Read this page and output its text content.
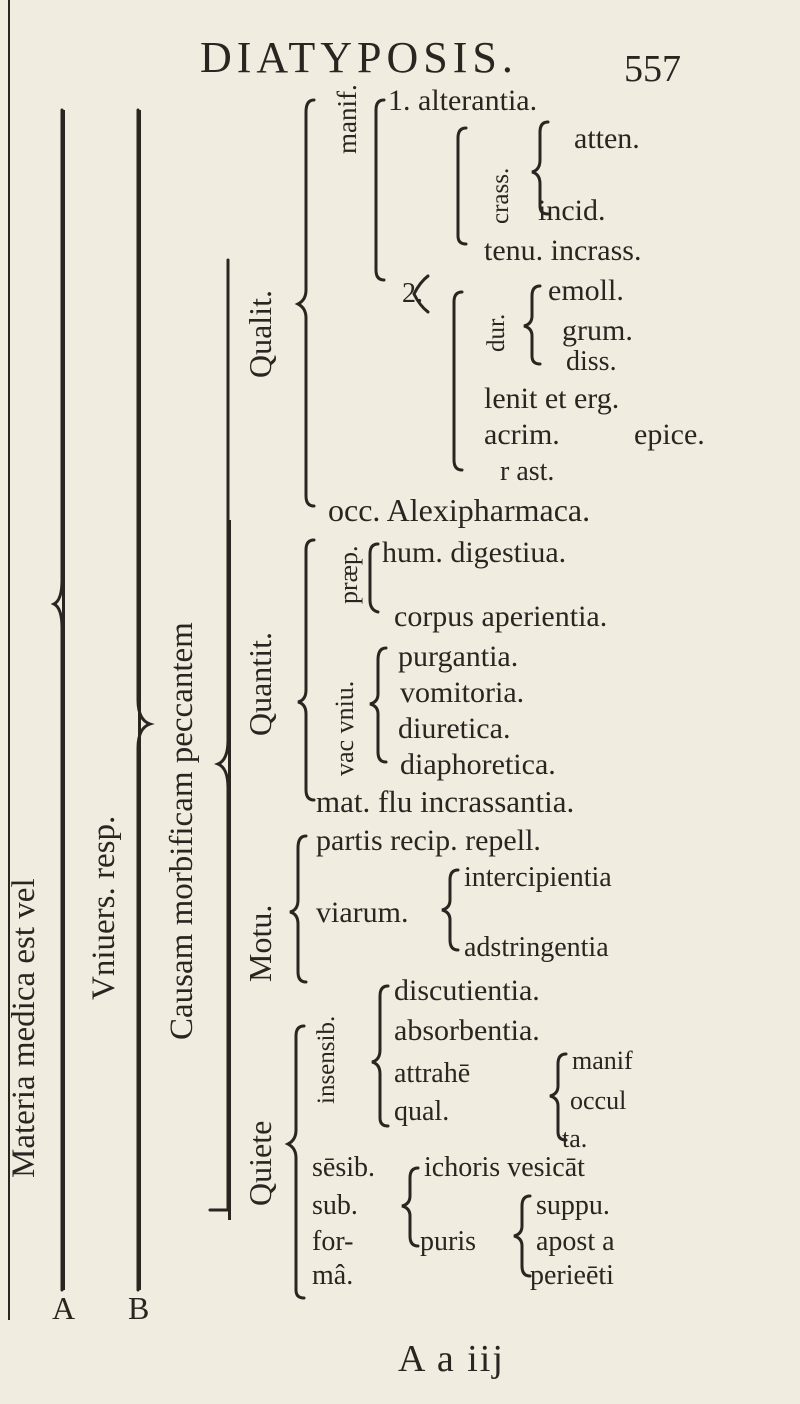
DIATYPOSIS.	557
Materia medica est vel Vniuers. resp. Causam morbificam peccantem
A B
Qualit.
Quantit.
Motu.
Quiete
manif. 1. alterantia.
crass.
atten.
incid.
tenu. incrass.
2.
dur.
emoll.
grum.
diss.
lenit et erg.
acrim. epice.
r ast.
occ. Alexipharmaca.
præp. hum. digestiua.
corpus aperientia.
vac vniu.
purgantia.
vomitoria.
diuretica.
diaphoretica.
mat. flu incrassantia.
partis recip. repell.
intercipientia
viarum.
adstringentia
insensib.
discutientia.
absorbentia.
attrahē
qual.
manif
occul
ta.
sēsib.
sub.
for-
mâ.
ichoris vesicāt
puris
suppu.
apost a
perieēti
A a iij
